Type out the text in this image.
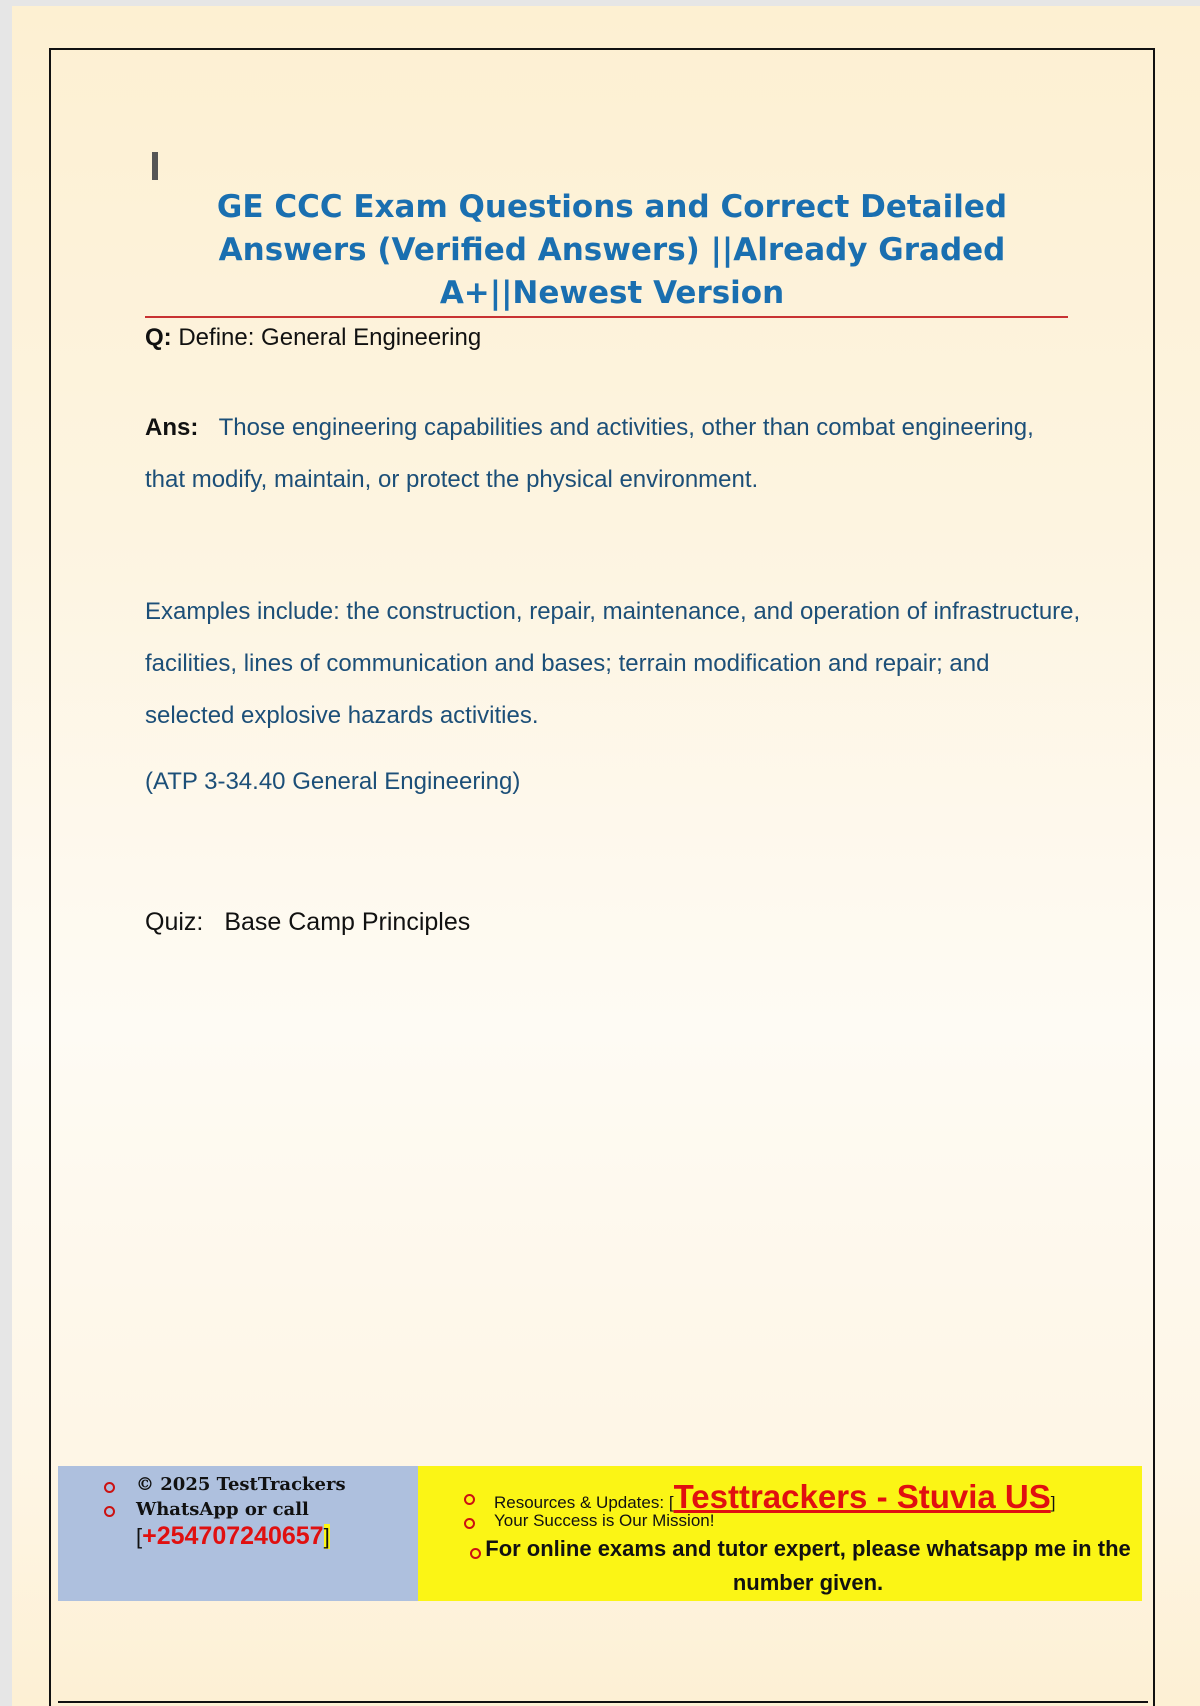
GE CCC Exam Questions and Correct Detailed Answers (Verified Answers) ||Already Graded A+||Newest Version

Q: Define: General Engineering

Ans: Those engineering capabilities and activities, other than combat engineering, that modify, maintain, or protect the physical environment.

Examples include: the construction, repair, maintenance, and operation of infrastructure, facilities, lines of communication and bases; terrain modification and repair; and selected explosive hazards activities.

(ATP 3-34.40 General Engineering)

Quiz: Base Camp Principles

© 2025 TestTrackers
WhatsApp or call
[+254707240657]
Resources & Updates: [Testtrackers - Stuvia US]
Your Success is Our Mission!
For online exams and tutor expert, please whatsapp me in the number given.
